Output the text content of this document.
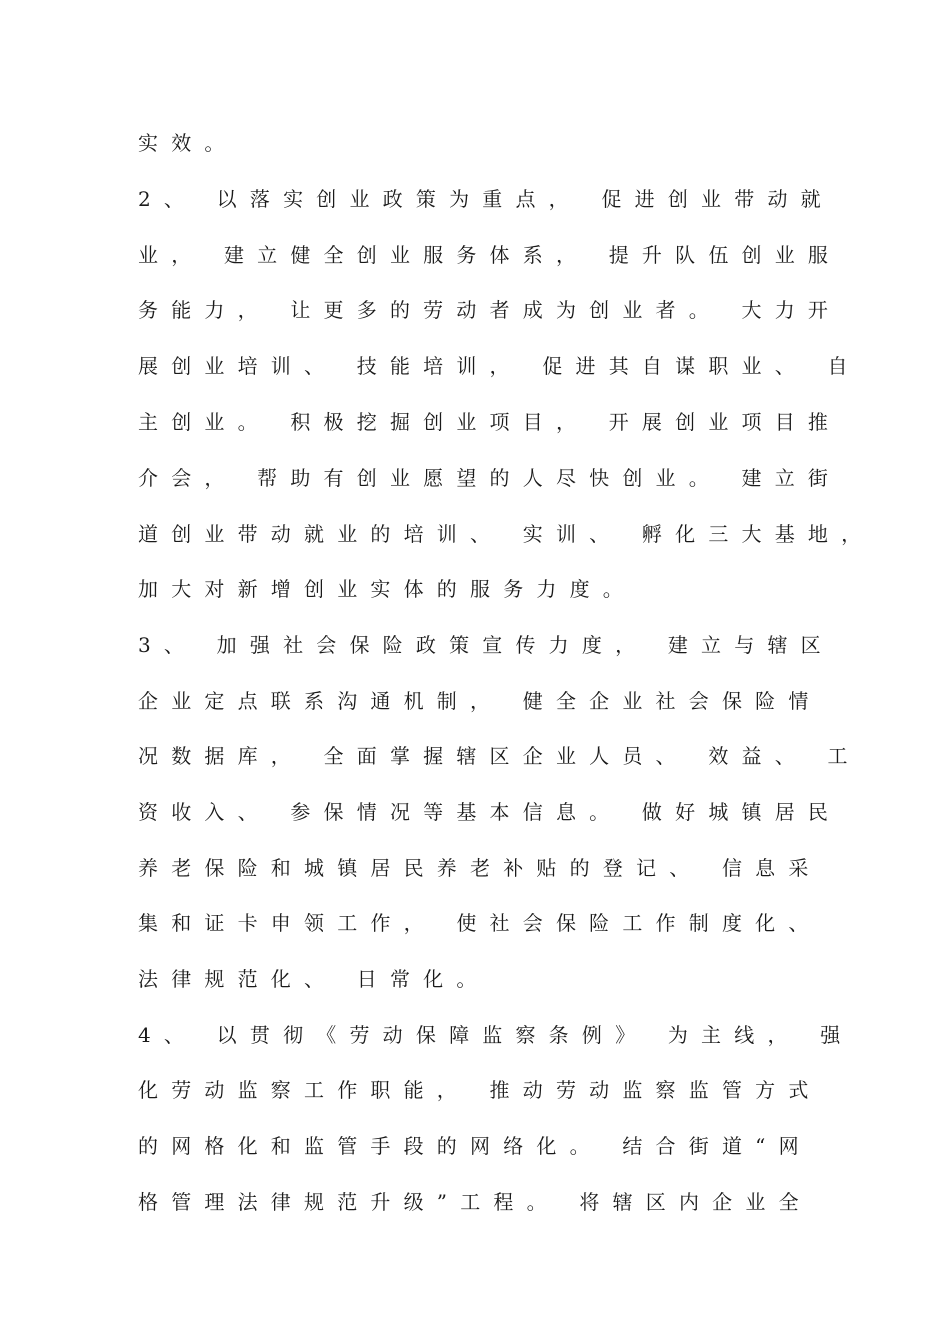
实效。
2、 以落实创业政策为重点， 促进创业带动就
业， 建立健全创业服务体系， 提升队伍创业服
务能力， 让更多的劳动者成为创业者。 大力开
展创业培训、 技能培训， 促进其自谋职业、 自
主创业。 积极挖掘创业项目， 开展创业项目推
介会， 帮助有创业愿望的人尽快创业。 建立街
道创业带动就业的培训、 实训、 孵化三大基地，
加大对新增创业实体的服务力度。
3、 加强社会保险政策宣传力度， 建立与辖区
企业定点联系沟通机制， 健全企业社会保险情
况数据库， 全面掌握辖区企业人员、 效益、 工
资收入、 参保情况等基本信息。 做好城镇居民
养老保险和城镇居民养老补贴的登记、 信息采
集和证卡申领工作， 使社会保险工作制度化、
法律规范化、 日常化。
4、 以贯彻《劳动保障监察条例》 为主线， 强
化劳动监察工作职能， 推动劳动监察监管方式
的网格化和监管手段的网络化。 结合街道“网
格管理法律规范升级”工程。 将辖区内企业全
